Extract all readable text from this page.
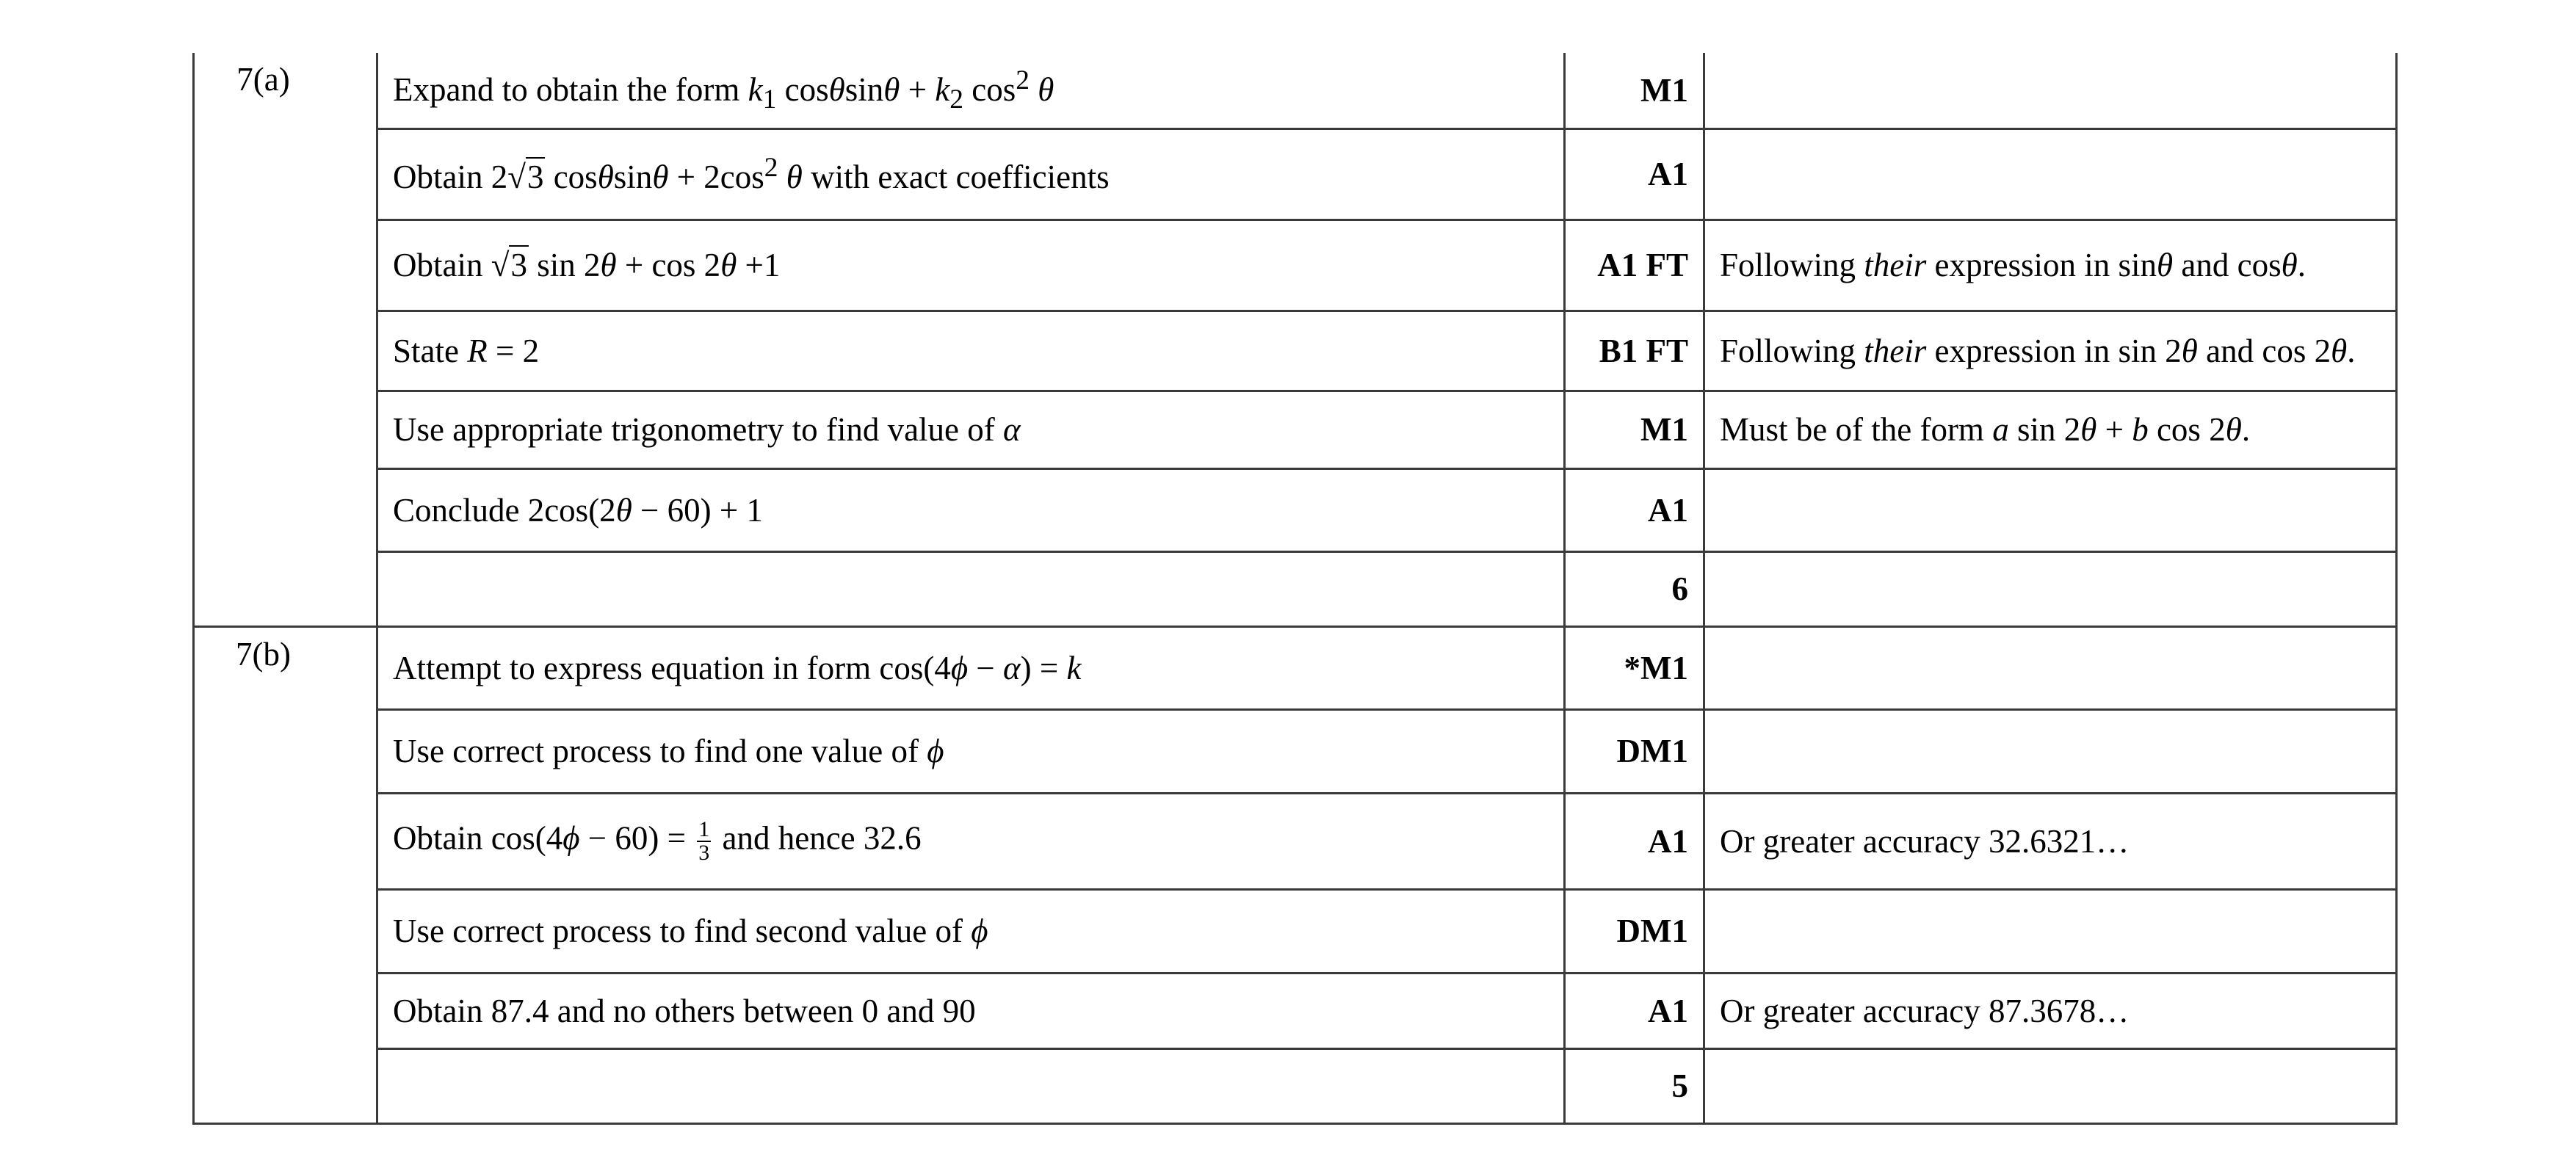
7(a)	Expand to obtain the form $k_1$ $\cos\theta\sin\theta + k_2$ $\cos^2 \theta$	M1	
	Obtain 2√3 $\cos\theta\sin\theta + 2\cos^2$ θ with exact coefficients	A1	
	Obtain √3 sin 2θ + cos 2θ +1	A1 FT	Following their expression in sinθ and cosθ.
	State R = 2	B1 FT	Following their expression in sin 2θ and cos 2θ.
	Use appropriate trigonometry to find value of α	M1	Must be of the form a sin 2θ + b cos 2θ.
	Conclude 2cos(2θ − 60) + 1	A1	
		6	
7(b)	Attempt to express equation in form cos(4ϕ − α) = k	*M1	
	Use correct process to find one value of ϕ	DM1	
	Obtain $\cos(4\phi - 60) = \frac{1}{3}$ and hence 32.6	A1	Or greater accuracy 32.6321…
	Use correct process to find second value of ϕ	DM1	
	Obtain 87.4 and no others between 0 and 90	A1	Or greater accuracy 87.3678…
		5	
